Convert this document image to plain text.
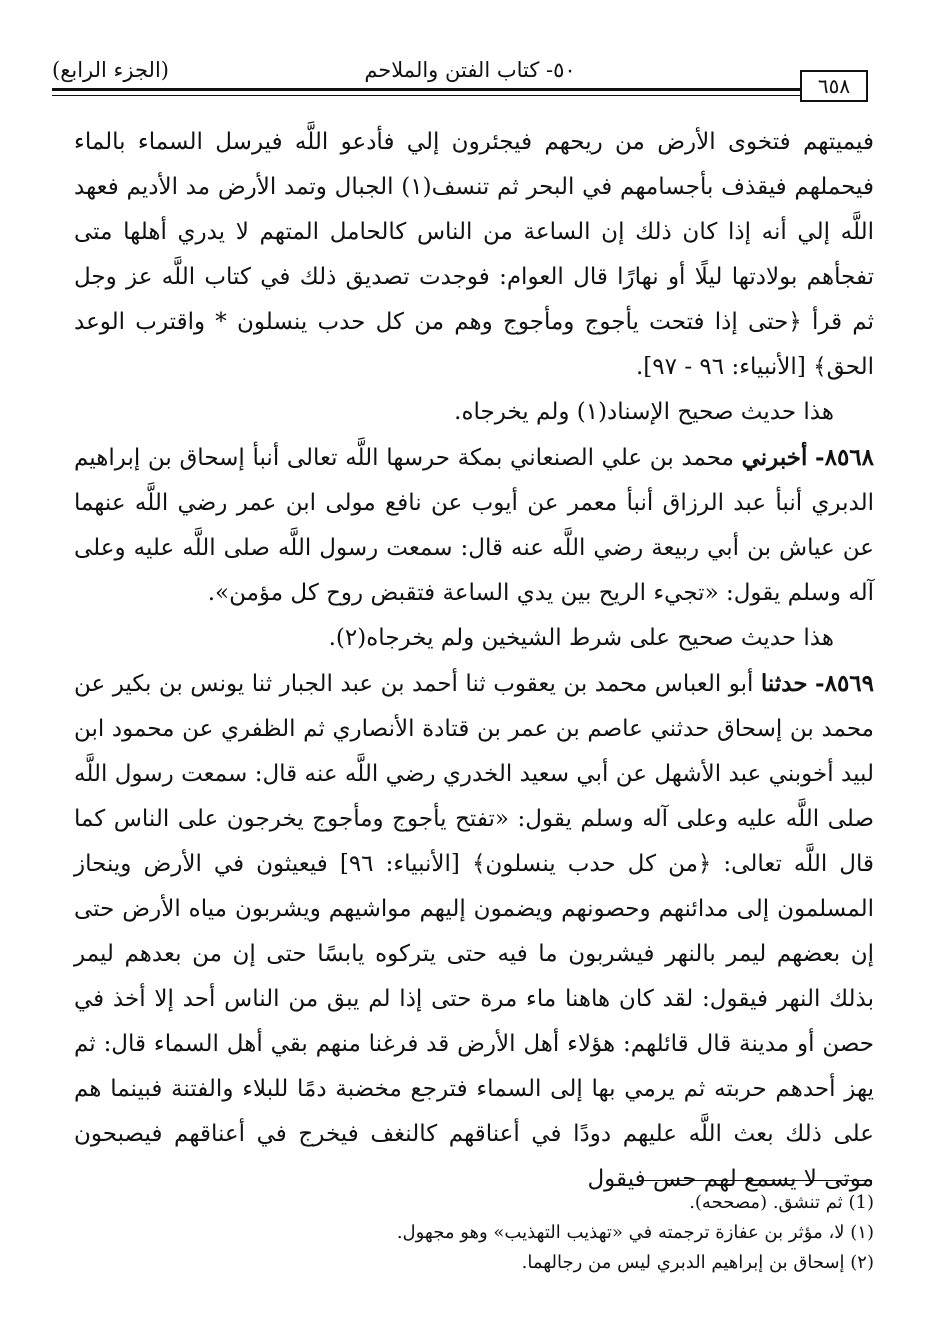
٥٠- كتاب الفتن والملاحم
(الجزء الرابع)
٦٥٨

فيميتهم فتخوى الأرض من ريحهم فيجئرون إلي فأدعو اللَّه فيرسل السماء بالماء فيحملهم فيقذف بأجسامهم في البحر ثم تنسف(١) الجبال وتمد الأرض مد الأديم فعهد اللَّه إلي أنه إذا كان ذلك إن الساعة من الناس كالحامل المتهم لا يدري أهلها متى تفجأهم بولادتها ليلًا أو نهارًا قال العوام: فوجدت تصديق ذلك في كتاب اللَّه عز وجل ثم قرأ ﴿حتى إذا فتحت يأجوج ومأجوج وهم من كل حدب ينسلون * واقترب الوعد الحق﴾ [الأنبياء: ٩٦ - ٩٧].

هذا حديث صحيح الإسناد(١) ولم يخرجاه.

٨٥٦٨- أخبرني محمد بن علي الصنعاني بمكة حرسها اللَّه تعالى أنبأ إسحاق بن إبراهيم الدبري أنبأ عبد الرزاق أنبأ معمر عن أيوب عن نافع مولى ابن عمر رضي اللَّه عنهما عن عياش بن أبي ربيعة رضي اللَّه عنه قال: سمعت رسول اللَّه صلى اللَّه عليه وعلى آله وسلم يقول: «تجيء الريح بين يدي الساعة فتقبض روح كل مؤمن».

هذا حديث صحيح على شرط الشيخين ولم يخرجاه(٢).

٨٥٦٩- حدثنا أبو العباس محمد بن يعقوب ثنا أحمد بن عبد الجبار ثنا يونس بن بكير عن محمد بن إسحاق حدثني عاصم بن عمر بن قتادة الأنصاري ثم الظفري عن محمود ابن لبيد أخوبني عبد الأشهل عن أبي سعيد الخدري رضي اللَّه عنه قال: سمعت رسول اللَّه صلى اللَّه عليه وعلى آله وسلم يقول: «تفتح يأجوج ومأجوج يخرجون على الناس كما قال اللَّه تعالى: ﴿من كل حدب ينسلون﴾ [الأنبياء: ٩٦] فيعيثون في الأرض وينحاز المسلمون إلى مدائنهم وحصونهم ويضمون إليهم مواشيهم ويشربون مياه الأرض حتى إن بعضهم ليمر بالنهر فيشربون ما فيه حتى يتركوه يابسًا حتى إن من بعدهم ليمر بذلك النهر فيقول: لقد كان هاهنا ماء مرة حتى إذا لم يبق من الناس أحد إلا أخذ في حصن أو مدينة قال قائلهم: هؤلاء أهل الأرض قد فرغنا منهم بقي أهل السماء قال: ثم يهز أحدهم حربته ثم يرمي بها إلى السماء فترجع مخضبة دمًا للبلاء والفتنة فبينما هم على ذلك بعث اللَّه عليهم دودًا في أعناقهم كالنغف فيخرج في أعناقهم فيصبحون موتى لا يسمع لهم حس فيقول

(1) ثم تنشق. (مصححه).
(١) لا، مؤثر بن عفازة ترجمته في «تهذيب التهذيب» وهو مجهول.
(٢) إسحاق بن إبراهيم الدبري ليس من رجالهما.
